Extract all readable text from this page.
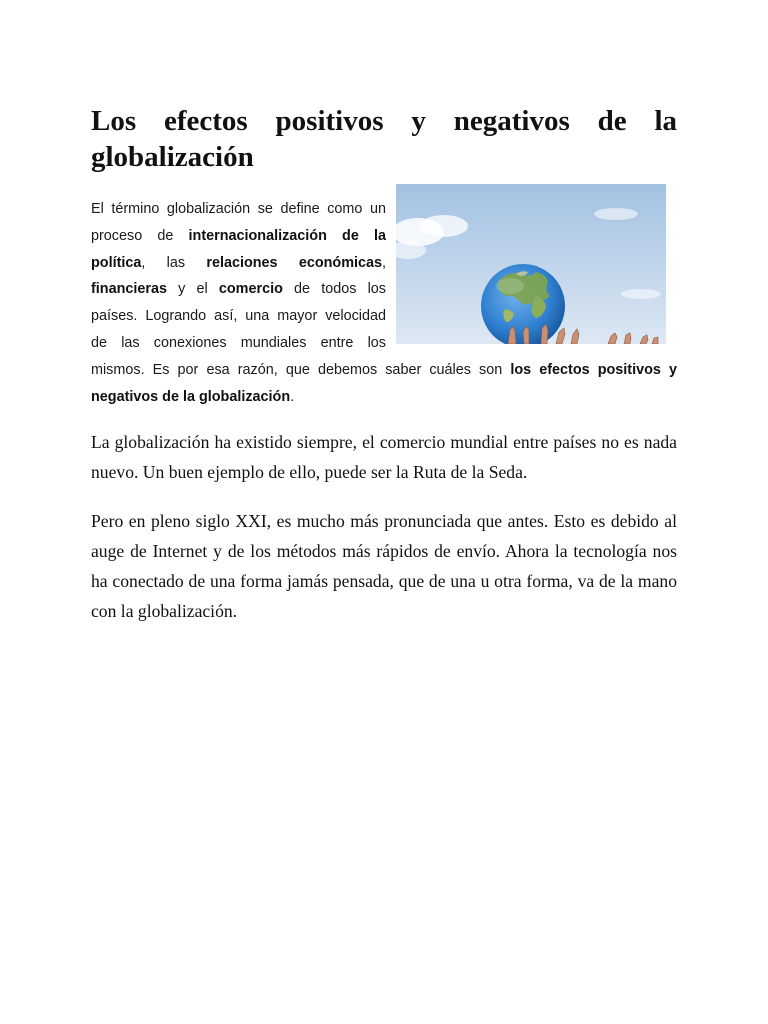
Los efectos positivos y negativos de la globalización

El término globalización se define como un proceso de internacionalización de la política, las relaciones económicas, financieras y el comercio de todos los países. Logrando así, una mayor velocidad de las conexiones mundiales entre los mismos. Es por esa razón, que debemos saber cuáles son los efectos positivos y negativos de la globalización.

La globalización ha existido siempre, el comercio mundial entre países no es nada nuevo. Un buen ejemplo de ello, puede ser la Ruta de la Seda.

Pero en pleno siglo XXI, es mucho más pronunciada que antes. Esto es debido al auge de Internet y de los métodos más rápidos de envío. Ahora la tecnología nos ha conectado de una forma jamás pensada, que de una u otra forma, va de la mano con la globalización.
